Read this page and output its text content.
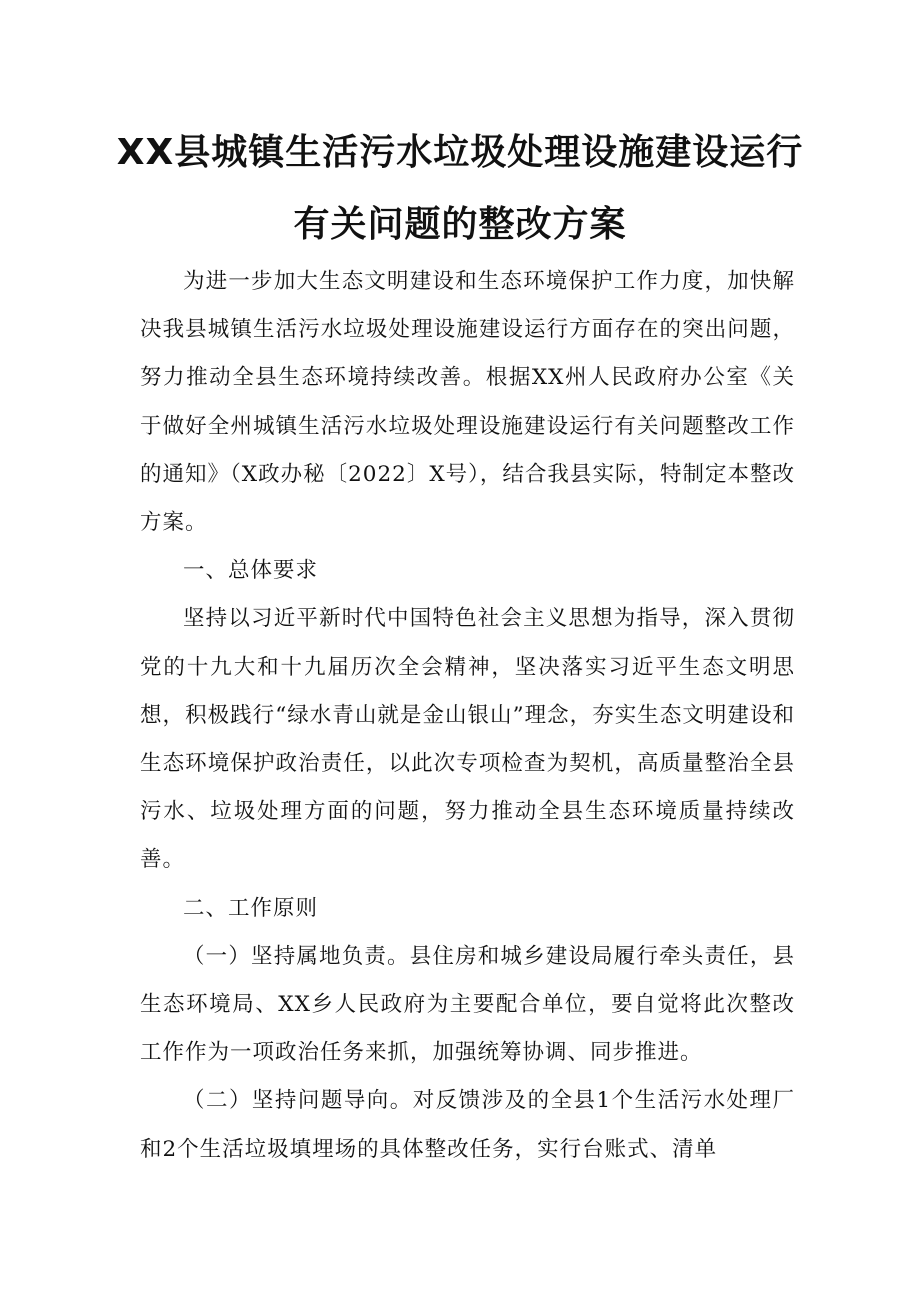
XX县城镇生活污水垃圾处理设施建设运行
有关问题的整改方案

为进一步加大生态文明建设和生态环境保护工作力度，加快解决我县城镇生活污水垃圾处理设施建设运行方面存在的突出问题，努力推动全县生态环境持续改善。根据XX州人民政府办公室《关于做好全州城镇生活污水垃圾处理设施建设运行有关问题整改工作的通知》（X政办秘〔2022〕X号），结合我县实际，特制定本整改方案。

一、总体要求

坚持以习近平新时代中国特色社会主义思想为指导，深入贯彻党的十九大和十九届历次全会精神，坚决落实习近平生态文明思想，积极践行“绿水青山就是金山银山”理念，夯实生态文明建设和生态环境保护政治责任，以此次专项检查为契机，高质量整治全县污水、垃圾处理方面的问题，努力推动全县生态环境质量持续改善。

二、工作原则

（一）坚持属地负责。县住房和城乡建设局履行牵头责任，县生态环境局、XX乡人民政府为主要配合单位，要自觉将此次整改工作作为一项政治任务来抓，加强统筹协调、同步推进。

（二）坚持问题导向。对反馈涉及的全县1个生活污水处理厂和2个生活垃圾填埋场的具体整改任务，实行台账式、清单
